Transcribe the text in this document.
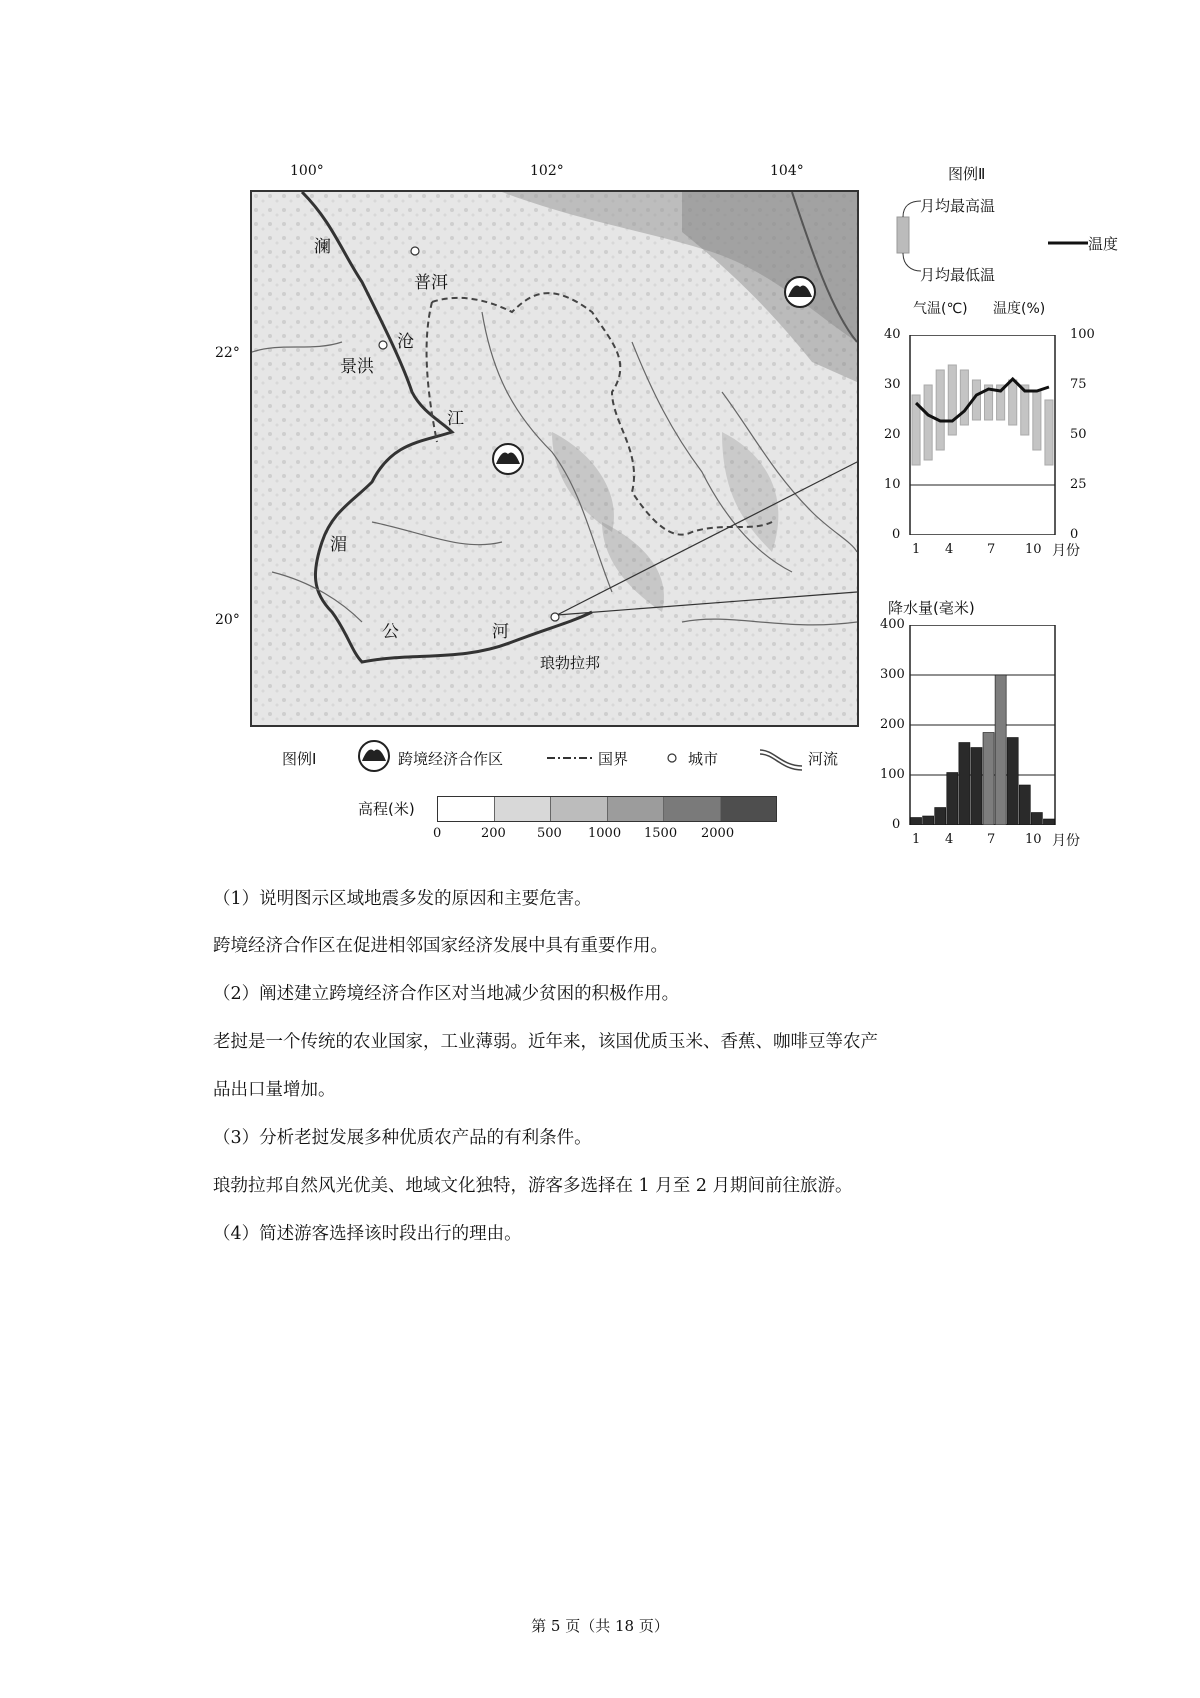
100°	102°	104°
22°
20°
澜
普洱
沧
景洪
江
湄
公	河
琅勃拉邦
图例Ⅰ	跨境经济合作区	国界	城市	河流
高程(米)
0	200 500 1000 1500 2000
图例Ⅱ
月均最高温
月均最低温
温度
气温(℃) 温度(%)
40
30
20
10
0
100
75
50
25
0
1 4	7 10 月份
降水量(毫米)
400
300
200
100
0
1 4	7 10 月份
（1）说明图示区域地震多发的原因和主要危害。
跨境经济合作区在促进相邻国家经济发展中具有重要作用。
（2）阐述建立跨境经济合作区对当地减少贫困的积极作用。
老挝是一个传统的农业国家，工业薄弱。近年来，该国优质玉米、香蕉、咖啡豆等农产
品出口量增加。
（3）分析老挝发展多种优质农产品的有利条件。
琅勃拉邦自然风光优美、地域文化独特，游客多选择在 1 月至 2 月期间前往旅游。
（4）简述游客选择该时段出行的理由。
第 5 页（共 18 页）
